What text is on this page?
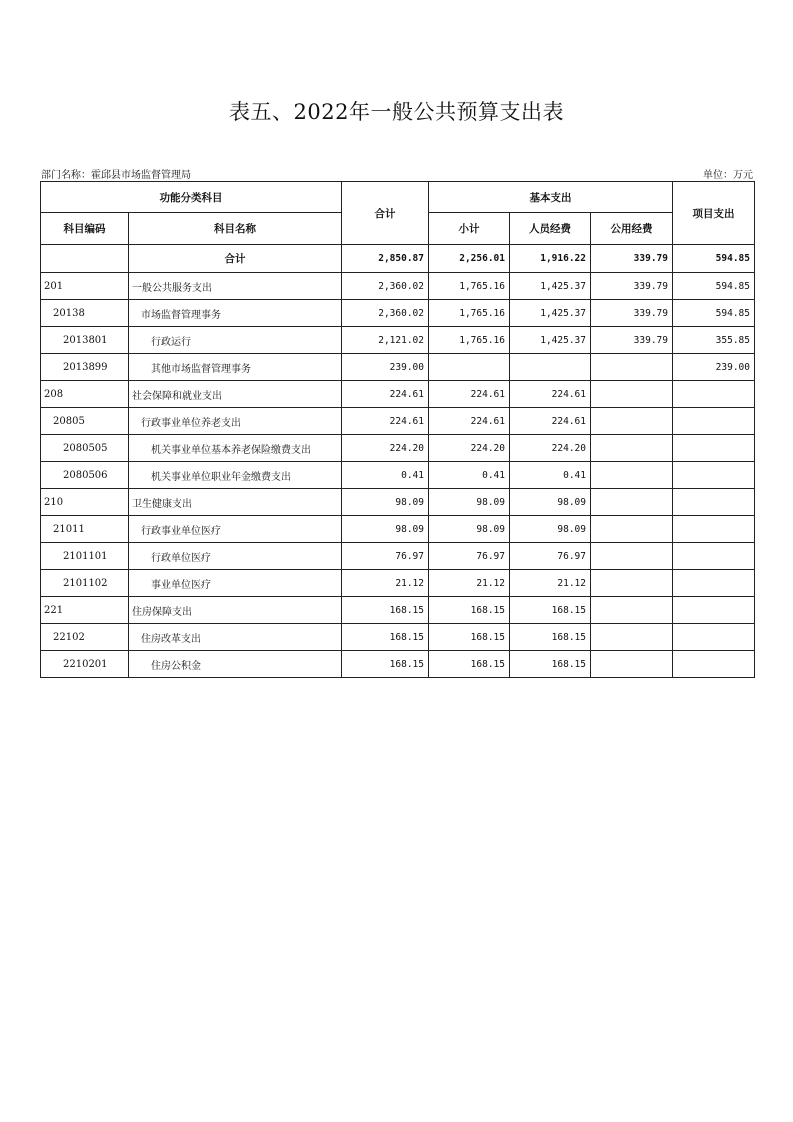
表五、2022年一般公共预算支出表
部门名称：霍邱县市场监督管理局	单位：万元
功能分类科目		合计	基本支出			项目支出
科目编码	科目名称		小计	人员经费	公用经费	
	合计	2,850.87	2,256.01	1,916.22	339.79	594.85
201	一般公共服务支出	2,360.02	1,765.16	1,425.37	339.79	594.85
20138	市场监督管理事务	2,360.02	1,765.16	1,425.37	339.79	594.85
2013801	行政运行	2,121.02	1,765.16	1,425.37	339.79	355.85
2013899	其他市场监督管理事务	239.00				239.00
208	社会保障和就业支出	224.61	224.61	224.61		
20805	行政事业单位养老支出	224.61	224.61	224.61		
2080505	机关事业单位基本养老保险缴费支出	224.20	224.20	224.20		
2080506	机关事业单位职业年金缴费支出	0.41	0.41	0.41		
210	卫生健康支出	98.09	98.09	98.09		
21011	行政事业单位医疗	98.09	98.09	98.09		
2101101	行政单位医疗	76.97	76.97	76.97		
2101102	事业单位医疗	21.12	21.12	21.12		
221	住房保障支出	168.15	168.15	168.15		
22102	住房改革支出	168.15	168.15	168.15		
2210201	住房公积金	168.15	168.15	168.15		
